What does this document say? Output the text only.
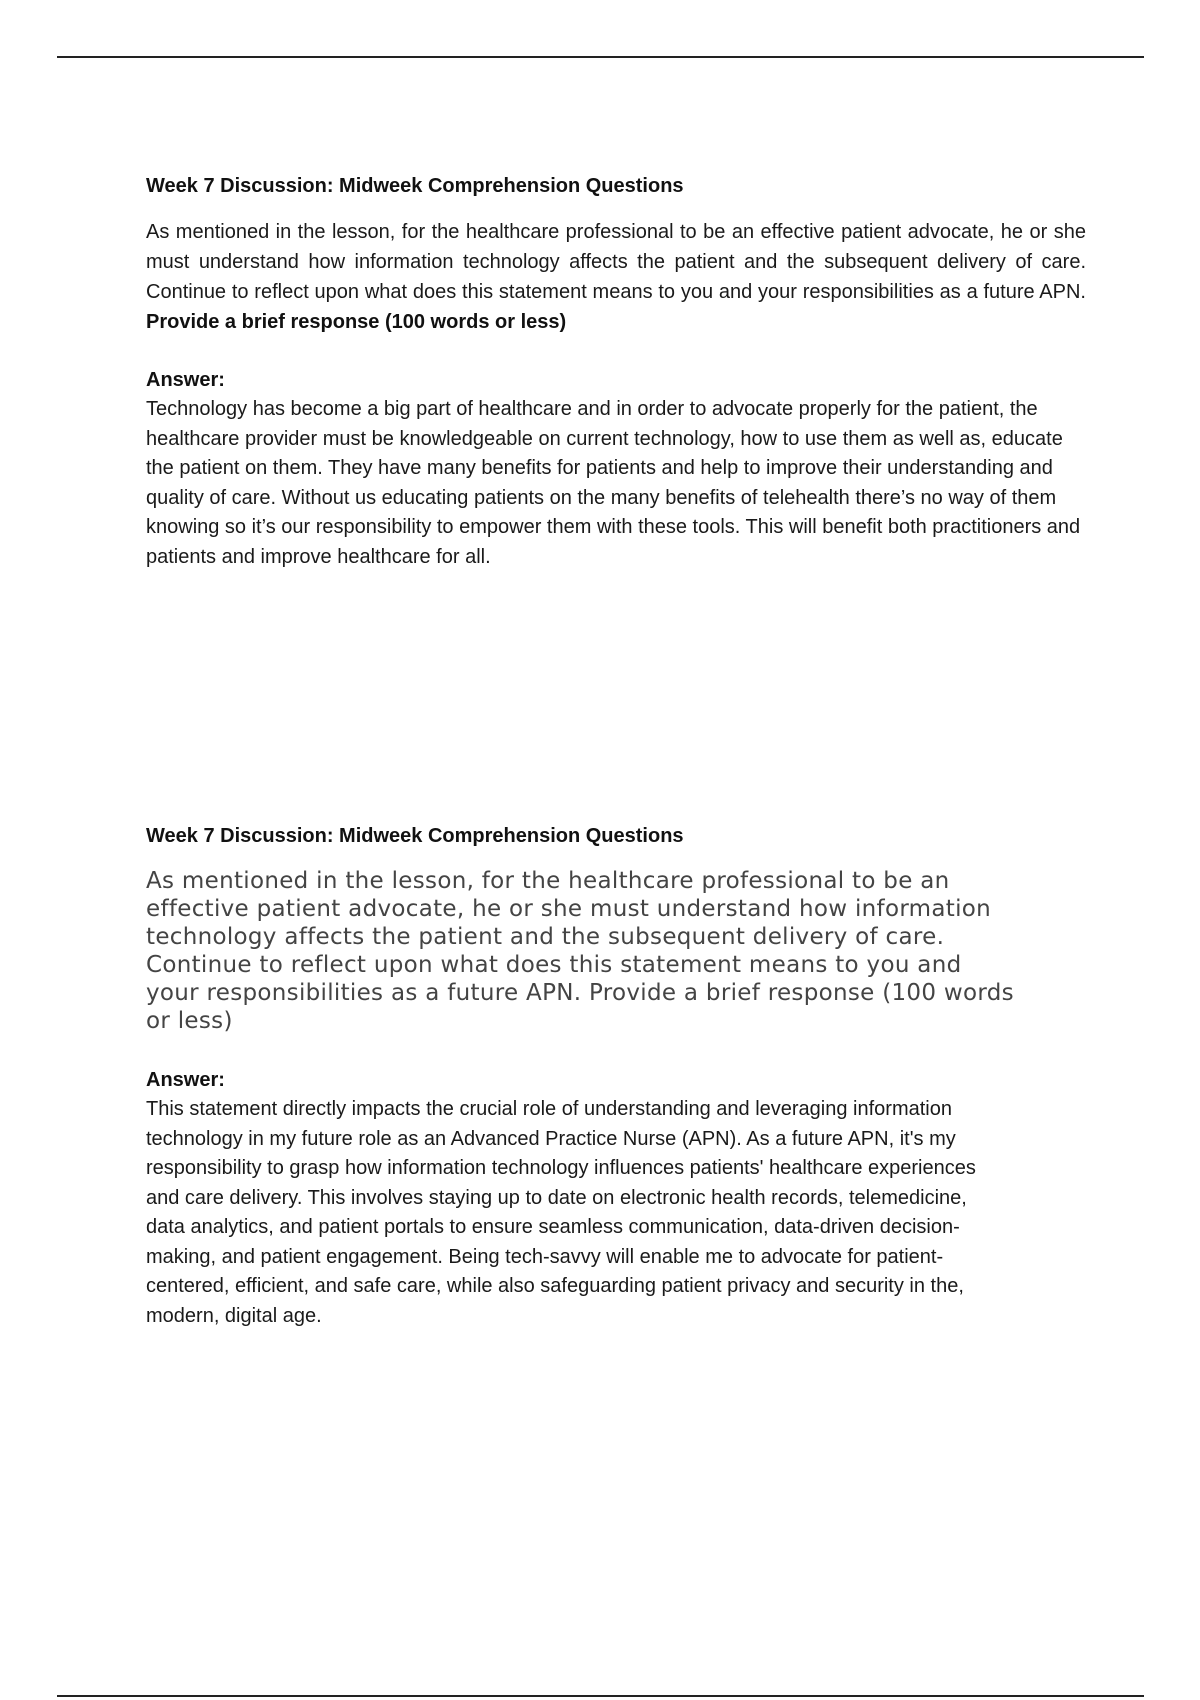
Week 7 Discussion: Midweek Comprehension Questions

As mentioned in the lesson, for the healthcare professional to be an effective patient advocate, he or she must understand how information technology affects the patient and the subsequent delivery of care. Continue to reflect upon what does this statement means to you and your responsibilities as a future APN. Provide a brief response (100 words or less)

Answer:

Technology has become a big part of healthcare and in order to advocate properly for the patient, the healthcare provider must be knowledgeable on current technology, how to use them as well as, educate the patient on them. They have many benefits for patients and help to improve their understanding and quality of care. Without us educating patients on the many benefits of telehealth there’s no way of them knowing so it’s our responsibility to empower them with these tools. This will benefit both practitioners and patients and improve healthcare for all.

Week 7 Discussion: Midweek Comprehension Questions

As mentioned in the lesson, for the healthcare professional to be an effective patient advocate, he or she must understand how information technology affects the patient and the subsequent delivery of care. Continue to reflect upon what does this statement means to you and your responsibilities as a future APN. Provide a brief response (100 words or less)

Answer:

This statement directly impacts the crucial role of understanding and leveraging information technology in my future role as an Advanced Practice Nurse (APN). As a future APN, it's my responsibility to grasp how information technology influences patients' healthcare experiences and care delivery. This involves staying up to date on electronic health records, telemedicine, data analytics, and patient portals to ensure seamless communication, data-driven decision- making, and patient engagement. Being tech-savvy will enable me to advocate for patient- centered, efficient, and safe care, while also safeguarding patient privacy and security in the, modern, digital age.
